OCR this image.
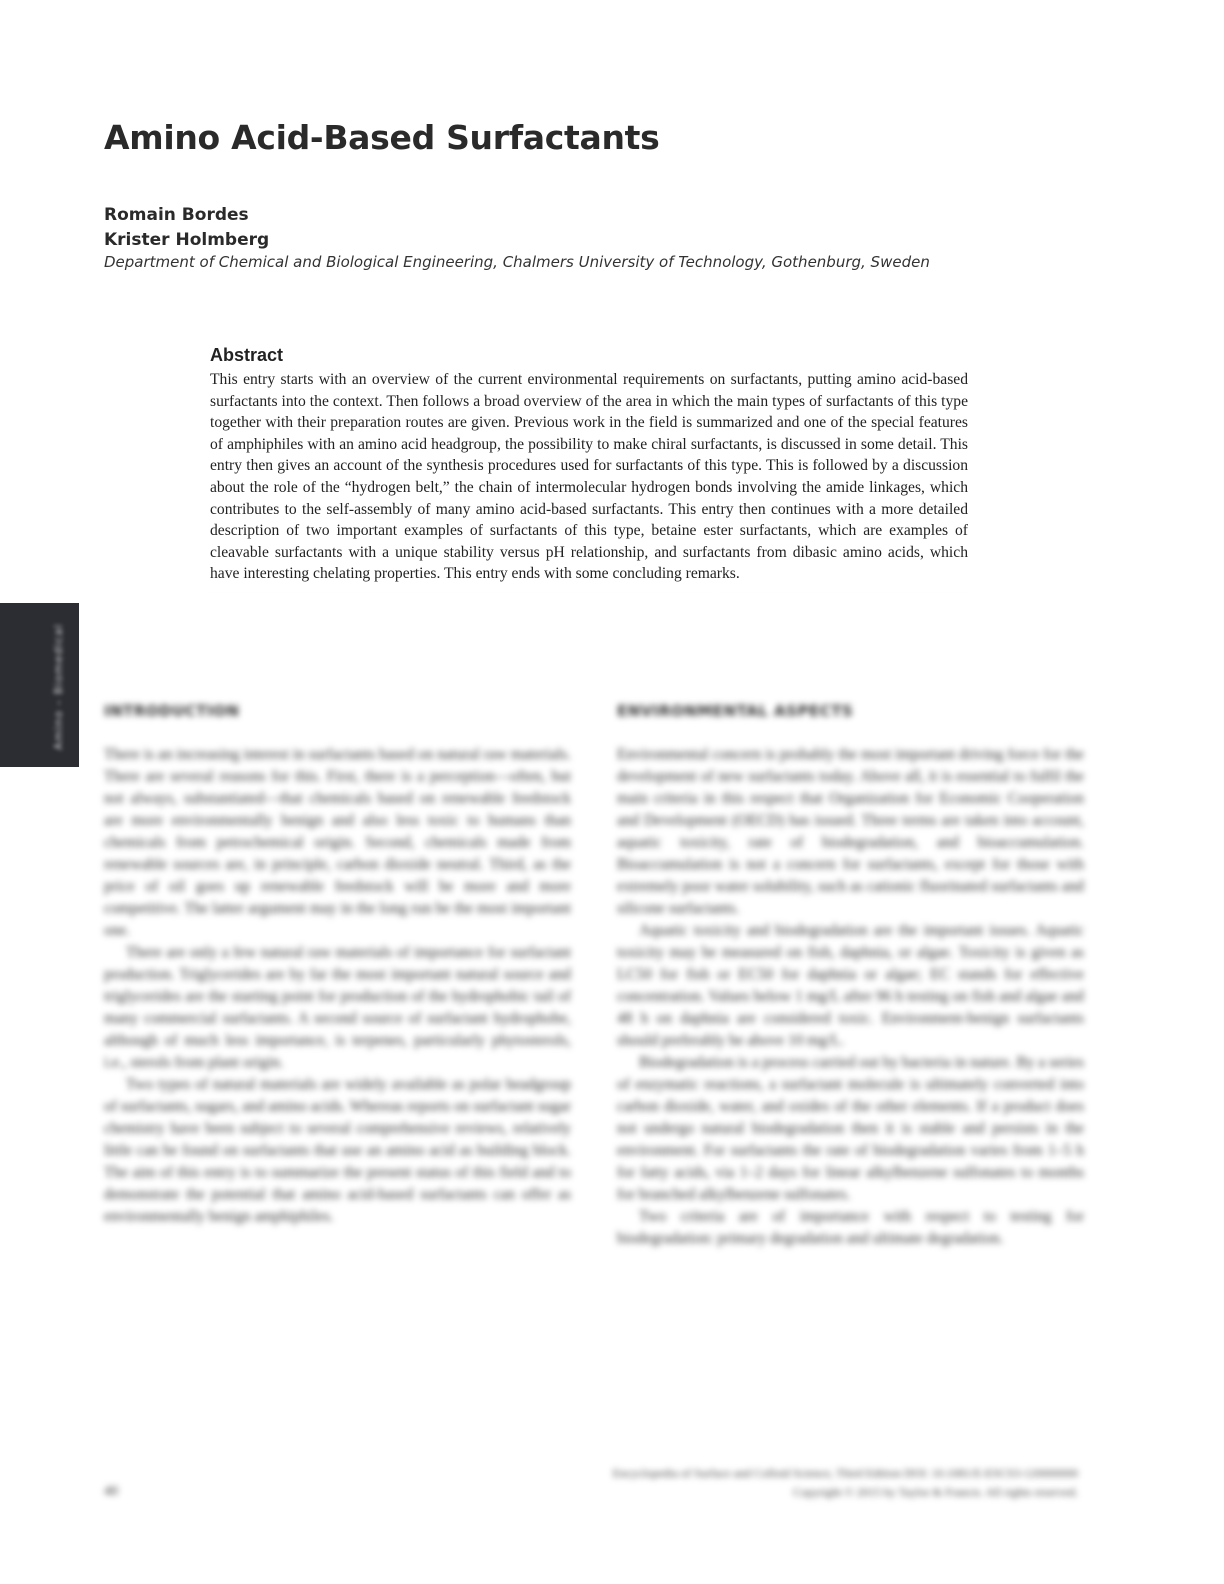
Amino Acid-Based Surfactants
Romain Bordes
Krister Holmberg
Department of Chemical and Biological Engineering, Chalmers University of Technology, Gothenburg, Sweden
Abstract

This entry starts with an overview of the current environmental requirements on surfactants, putting amino acid-based surfactants into the context. Then follows a broad overview of the area in which the main types of surfactants of this type together with their preparation routes are given. Previous work in the field is summarized and one of the special features of amphiphiles with an amino acid headgroup, the possibility to make chiral surfactants, is discussed in some detail. This entry then gives an account of the synthesis procedures used for surfactants of this type. This is followed by a discussion about the role of the “hydrogen belt,” the chain of intermolecular hydrogen bonds involving the amide linkages, which contributes to the self-assembly of many amino acid-based surfactants. This entry then continues with a more detailed description of two important examples of surfactants of this type, betaine ester surfactants, which are examples of cleavable surfactants with a unique stability versus pH relationship, and surfactants from dibasic amino acids, which have interesting chelating properties. This entry ends with some concluding remarks.

Amino – Biomedical	INTRODUCTION

There is an increasing interest in surfactants based on natural raw materials. There are several reasons for this. First, there is a perception—often, but not always, substantiated—that chemicals based on renewable feedstock are more environmentally benign and also less toxic to humans than chemicals from petrochemical origin. Second, chemicals made from renewable sources are, in principle, carbon dioxide neutral. Third, as the price of oil goes up renewable feedstock will be more and more competitive. The latter argument may in the long run be the most important one.

There are only a few natural raw materials of importance for surfactant production. Triglycerides are by far the most important natural source and triglycerides are the starting point for production of the hydrophobic tail of many commercial surfactants. A second source of surfactant hydrophobe, although of much less importance, is terpenes, particularly phytosterols, i.e., sterols from plant origin.

Two types of natural materials are widely available as polar headgroup of surfactants, sugars, and amino acids. Whereas reports on surfactant sugar chemistry have been subject to several comprehensive reviews, relatively little can be found on surfactants that use an amino acid as building block. The aim of this entry is to summarize the present status of this field and to demonstrate the potential that amino acid-based surfactants can offer as environmentally benign amphiphiles.

ENVIRONMENTAL ASPECTS

Environmental concern is probably the most important driving force for the development of new surfactants today. Above all, it is essential to fulfil the main criteria in this respect that Organization for Economic Cooperation and Development (OECD) has issued. Three terms are taken into account, aquatic toxicity, rate of biodegradation, and bioaccumulation. Bioaccumulation is not a concern for surfactants, except for those with extremely poor water solubility, such as cationic fluorinated surfactants and silicone surfactants.

Aquatic toxicity and biodegradation are the important issues. Aquatic toxicity may be measured on fish, daphnia, or algae. Toxicity is given as LC50 for fish or EC50 for daphnia or algae; EC stands for effective concentration. Values below 1 mg/L after 96 h testing on fish and algae and 48 h on daphnia are considered toxic. Environment-benign surfactants should preferably be above 10 mg/L.

Biodegradation is a process carried out by bacteria in nature. By a series of enzymatic reactions, a surfactant molecule is ultimately converted into carbon dioxide, water, and oxides of the other elements. If a product does not undergo natural biodegradation then it is stable and persists in the environment. For surfactants the rate of biodegradation varies from 1–5 h for fatty acids, via 1–2 days for linear alkylbenzene sulfonates to months for branched alkylbenzene sulfonates.

Two criteria are of importance with respect to testing for biodegradation: primary degradation and ultimate degradation.

40
Encyclopedia of Surface and Colloid Science, Third Edition DOI: 10.1081/E-ESCS3-120000000
Copyright © 2015 by Taylor & Francis. All rights reserved.
